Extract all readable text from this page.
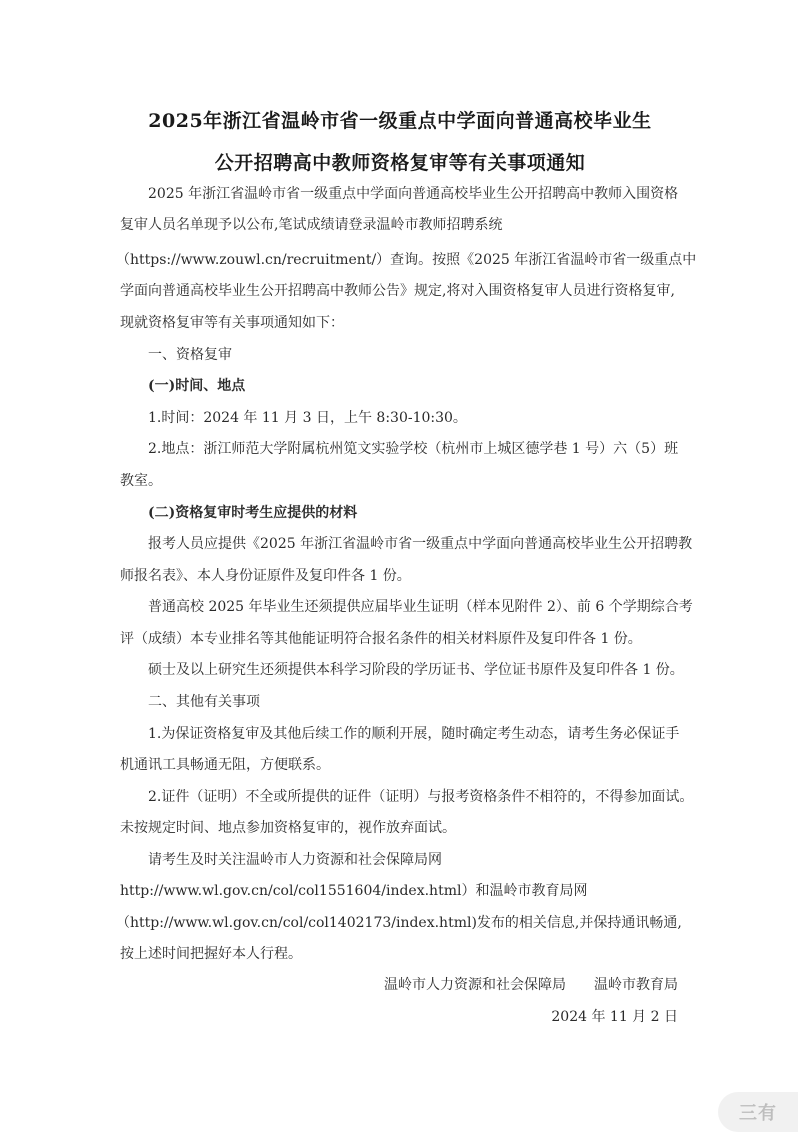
2025年浙江省温岭市省一级重点中学面向普通高校毕业生
公开招聘高中教师资格复审等有关事项通知
2025 年浙江省温岭市省一级重点中学面向普通高校毕业生公开招聘高中教师入围资格
复审人员名单现予以公布,笔试成绩请登录温岭市教师招聘系统
（https://www.zouwl.cn/recruitment/）查询。按照《2025 年浙江省温岭市省一级重点中
学面向普通高校毕业生公开招聘高中教师公告》规定,将对入围资格复审人员进行资格复审,
现就资格复审等有关事项通知如下：
一、资格复审
(一)时间、地点
1.时间：2024 年 11 月 3 日，上午 8:30-10:30。
2.地点：浙江师范大学附属杭州笕文实验学校（杭州市上城区德学巷 1 号）六（5）班
教室。
(二)资格复审时考生应提供的材料
报考人员应提供《2025 年浙江省温岭市省一级重点中学面向普通高校毕业生公开招聘教
师报名表》、本人身份证原件及复印件各 1 份。
普通高校 2025 年毕业生还须提供应届毕业生证明（样本见附件 2）、前 6 个学期综合考
评（成绩）本专业排名等其他能证明符合报名条件的相关材料原件及复印件各 1 份。
硕士及以上研究生还须提供本科学习阶段的学历证书、学位证书原件及复印件各 1 份。
二、其他有关事项
1.为保证资格复审及其他后续工作的顺利开展，随时确定考生动态，请考生务必保证手
机通讯工具畅通无阻，方便联系。
2.证件（证明）不全或所提供的证件（证明）与报考资格条件不相符的，不得参加面试。
未按规定时间、地点参加资格复审的，视作放弃面试。
请考生及时关注温岭市人力资源和社会保障局网
http://www.wl.gov.cn/col/col1551604/index.html）和温岭市教育局网
（http://www.wl.gov.cn/col/col1402173/index.html)发布的相关信息,并保持通讯畅通,
按上述时间把握好本人行程。
温岭市人力资源和社会保障局　　温岭市教育局
2024 年 11 月 2 日
三有
